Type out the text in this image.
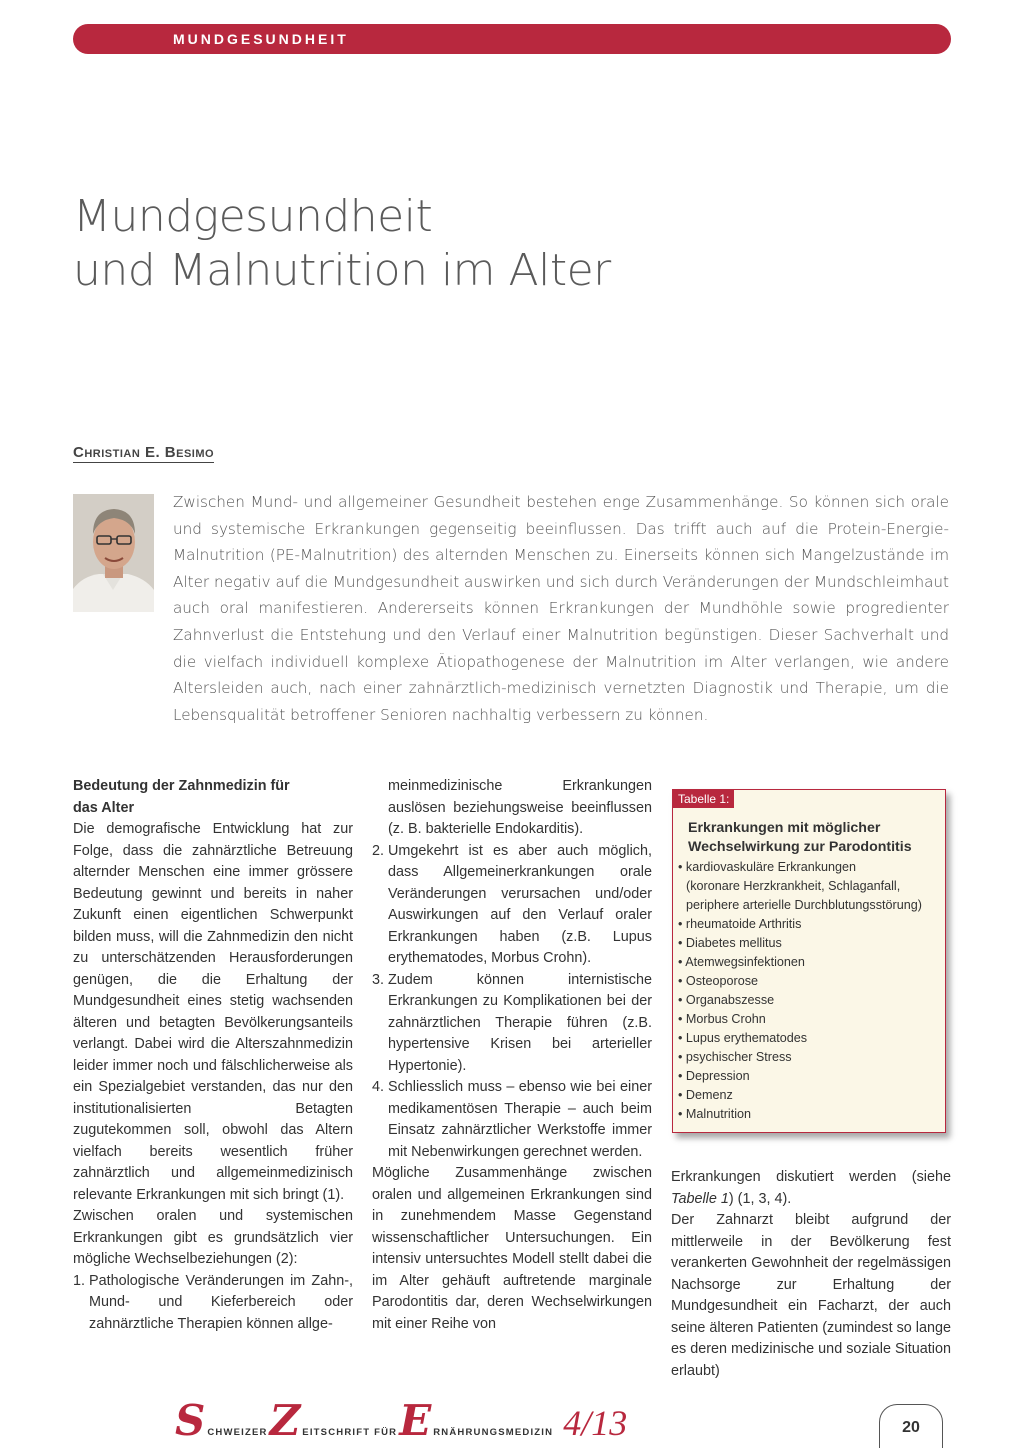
MUNDGESUNDHEIT
Mundgesundheit
und Malnutrition im Alter
Christian E. Besimo

Zwischen Mund- und allgemeiner Gesundheit bestehen enge Zusammenhänge. So können sich orale und systemische Erkrankungen gegenseitig beeinflussen. Das trifft auch auf die Protein-Energie-Malnutrition (PE-Malnutrition) des alternden Menschen zu. Einerseits können sich Mangelzustände im Alter negativ auf die Mundgesundheit auswirken und sich durch Veränderungen der Mundschleimhaut auch oral manifestieren. Andererseits können Erkrankungen der Mundhöhle sowie progredienter Zahnverlust die Entstehung und den Verlauf einer Malnutrition begünstigen. Dieser Sachverhalt und die vielfach individuell komplexe Ätiopathogenese der Malnutrition im Alter verlangen, wie andere Altersleiden auch, nach einer zahnärztlich-medizinisch vernetzten Diagnostik und Therapie, um die Lebensqualität betroffener Senioren nachhaltig verbessern zu können.

Bedeutung der Zahnmedizin für das Alter

Die demografische Entwicklung hat zur Folge, dass die zahnärztliche Betreuung alternder Menschen eine immer grössere Bedeutung gewinnt und bereits in naher Zukunft einen eigentlichen Schwerpunkt bilden muss, will die Zahnmedizin den nicht zu unterschätzenden Herausforderungen genügen, die die Erhaltung der Mundgesundheit eines stetig wachsenden älteren und betagten Bevölkerungsanteils verlangt. Dabei wird die Alterszahnmedizin leider immer noch und fälschlicherweise als ein Spezialgebiet verstanden, das nur den institutionalisierten Betagten zugutekommen soll, obwohl das Altern vielfach bereits wesentlich früher zahnärztlich und allgemeinmedizinisch relevante Erkrankungen mit sich bringt (1).

Zwischen oralen und systemischen Erkrankungen gibt es grundsätzlich vier mögliche Wechselbeziehungen (2):

1. Pathologische Veränderungen im Zahn-, Mund- und Kieferbereich oder zahnärztliche Therapien können allge-

meinmedizinische Erkrankungen auslösen beziehungsweise beeinflussen (z. B. bakterielle Endokarditis).

2. Umgekehrt ist es aber auch möglich, dass Allgemeinerkrankungen orale Veränderungen verursachen und/oder Auswirkungen auf den Verlauf oraler Erkrankungen haben (z.B. Lupus erythematodes, Morbus Crohn).
3. Zudem können internistische Erkrankungen zu Komplikationen bei der zahnärztlichen Therapie führen (z.B. hypertensive Krisen bei arterieller Hypertonie).
4. Schliesslich muss – ebenso wie bei einer medikamentösen Therapie – auch beim Einsatz zahnärztlicher Werkstoffe immer mit Nebenwirkungen gerechnet werden.

Mögliche Zusammenhänge zwischen oralen und allgemeinen Erkrankungen sind in zunehmendem Masse Gegenstand wissenschaftlicher Untersuchungen. Ein intensiv untersuchtes Modell stellt dabei die im Alter gehäuft auftretende marginale Parodontitis dar, deren Wechselwirkungen mit einer Reihe von

Tabelle 1:
Erkrankungen mit möglicher Wechselwirkung zur Parodontitis
• kardiovaskuläre Erkrankungen
(koronare Herzkrankheit, Schlaganfall,
periphere arterielle Durchblutungsstörung)
• rheumatoide Arthritis
• Diabetes mellitus
• Atemwegsinfektionen
• Osteoporose
• Organabszesse
• Morbus Crohn
• Lupus erythematodes
• psychischer Stress
• Depression
• Demenz
• Malnutrition

Erkrankungen diskutiert werden (siehe Tabelle 1) (1, 3, 4).

Der Zahnarzt bleibt aufgrund der mittlerweile in der Bevölkerung fest verankerten Gewohnheit der regelmässigen Nachsorge zur Erhaltung der Mundgesundheit ein Facharzt, der auch seine älteren Patienten (zumindest so lange es deren medizinische und soziale Situation erlaubt)

S CHWEIZER Z EITSCHRIFT FÜR E RNÄHRUNGSMEDIZIN 4/13	20
